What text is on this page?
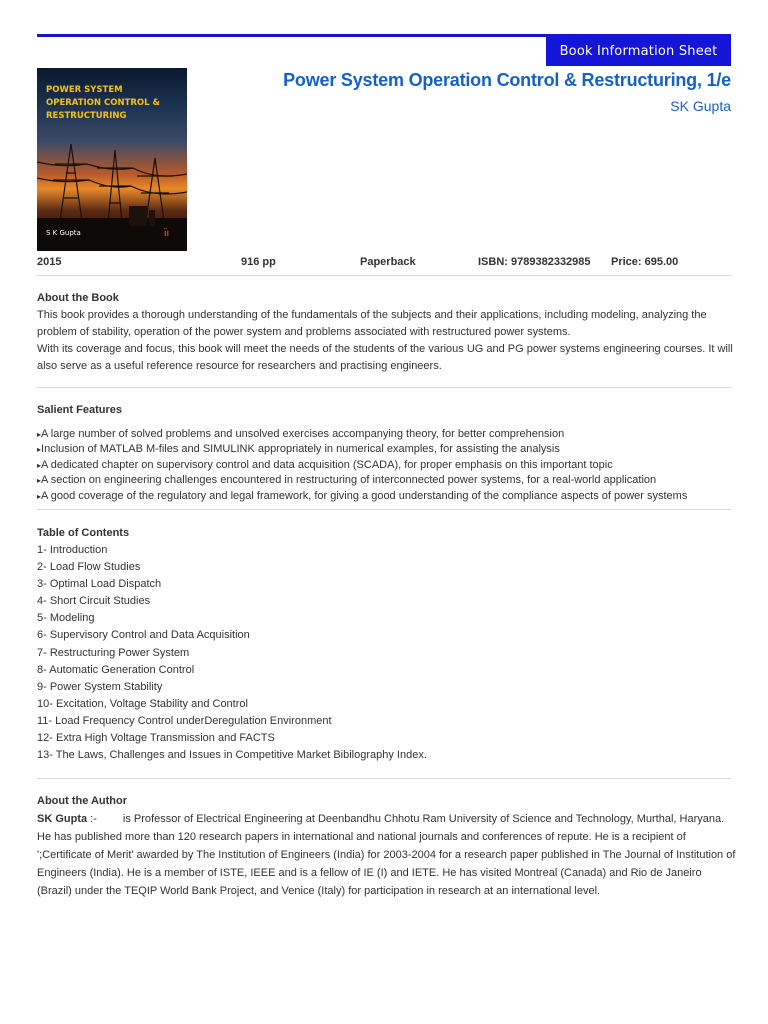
Book Information Sheet
POWER SYSTEM
OPERATION CONTROL &
RESTRUCTURING
S K Gupta	ı̈ı
Power System Operation Control & Restructuring, 1/e
SK Gupta
2015	916 pp	Paperback	ISBN: 9789382332985 Price: 695.00
About the Book

This book provides a thorough understanding of the fundamentals of the subjects and their applications, including modeling, analyzing the problem of stability, operation of the power system and problems associated with restructured power systems.

With its coverage and focus, this book will meet the needs of the students of the various UG and PG power systems engineering courses. It will also serve as a useful reference resource for researchers and practising engineers.

Salient Features
▸A large number of solved problems and unsolved exercises accompanying theory, for better comprehension
▸Inclusion of MATLAB M-files and SIMULINK appropriately in numerical examples, for assisting the analysis
▸A dedicated chapter on supervisory control and data acquisition (SCADA), for proper emphasis on this important topic
▸A section on engineering challenges encountered in restructuring of interconnected power systems, for a real-world application
▸A good coverage of the regulatory and legal framework, for giving a good understanding of the compliance aspects of power systems
Table of Contents
1- Introduction
2- Load Flow Studies
3- Optimal Load Dispatch
4- Short Circuit Studies
5- Modeling
6- Supervisory Control and Data Acquisition
7- Restructuring Power System
8- Automatic Generation Control
9- Power System Stability
10- Excitation, Voltage Stability and Control
11- Load Frequency Control underDeregulation Environment
12- Extra High Voltage Transmission and FACTS
13- The Laws, Challenges and Issues in Competitive Market Bibilography Index.
About the Author

SK Gupta :- is Professor of Electrical Engineering at Deenbandhu Chhotu Ram University of Science and Technology, Murthal, Haryana. He has published more than 120 research papers in international and national journals and conferences of repute. He is a recipient of ';Certificate of Merit' awarded by The Institution of Engineers (India) for 2003-2004 for a research paper published in The Journal of Institution of Engineers (India). He is a member of ISTE, IEEE and is a fellow of IE (I) and IETE. He has visited Montreal (Canada) and Rio de Janeiro (Brazil) under the TEQIP World Bank Project, and Venice (Italy) for participation in research at an international level.
